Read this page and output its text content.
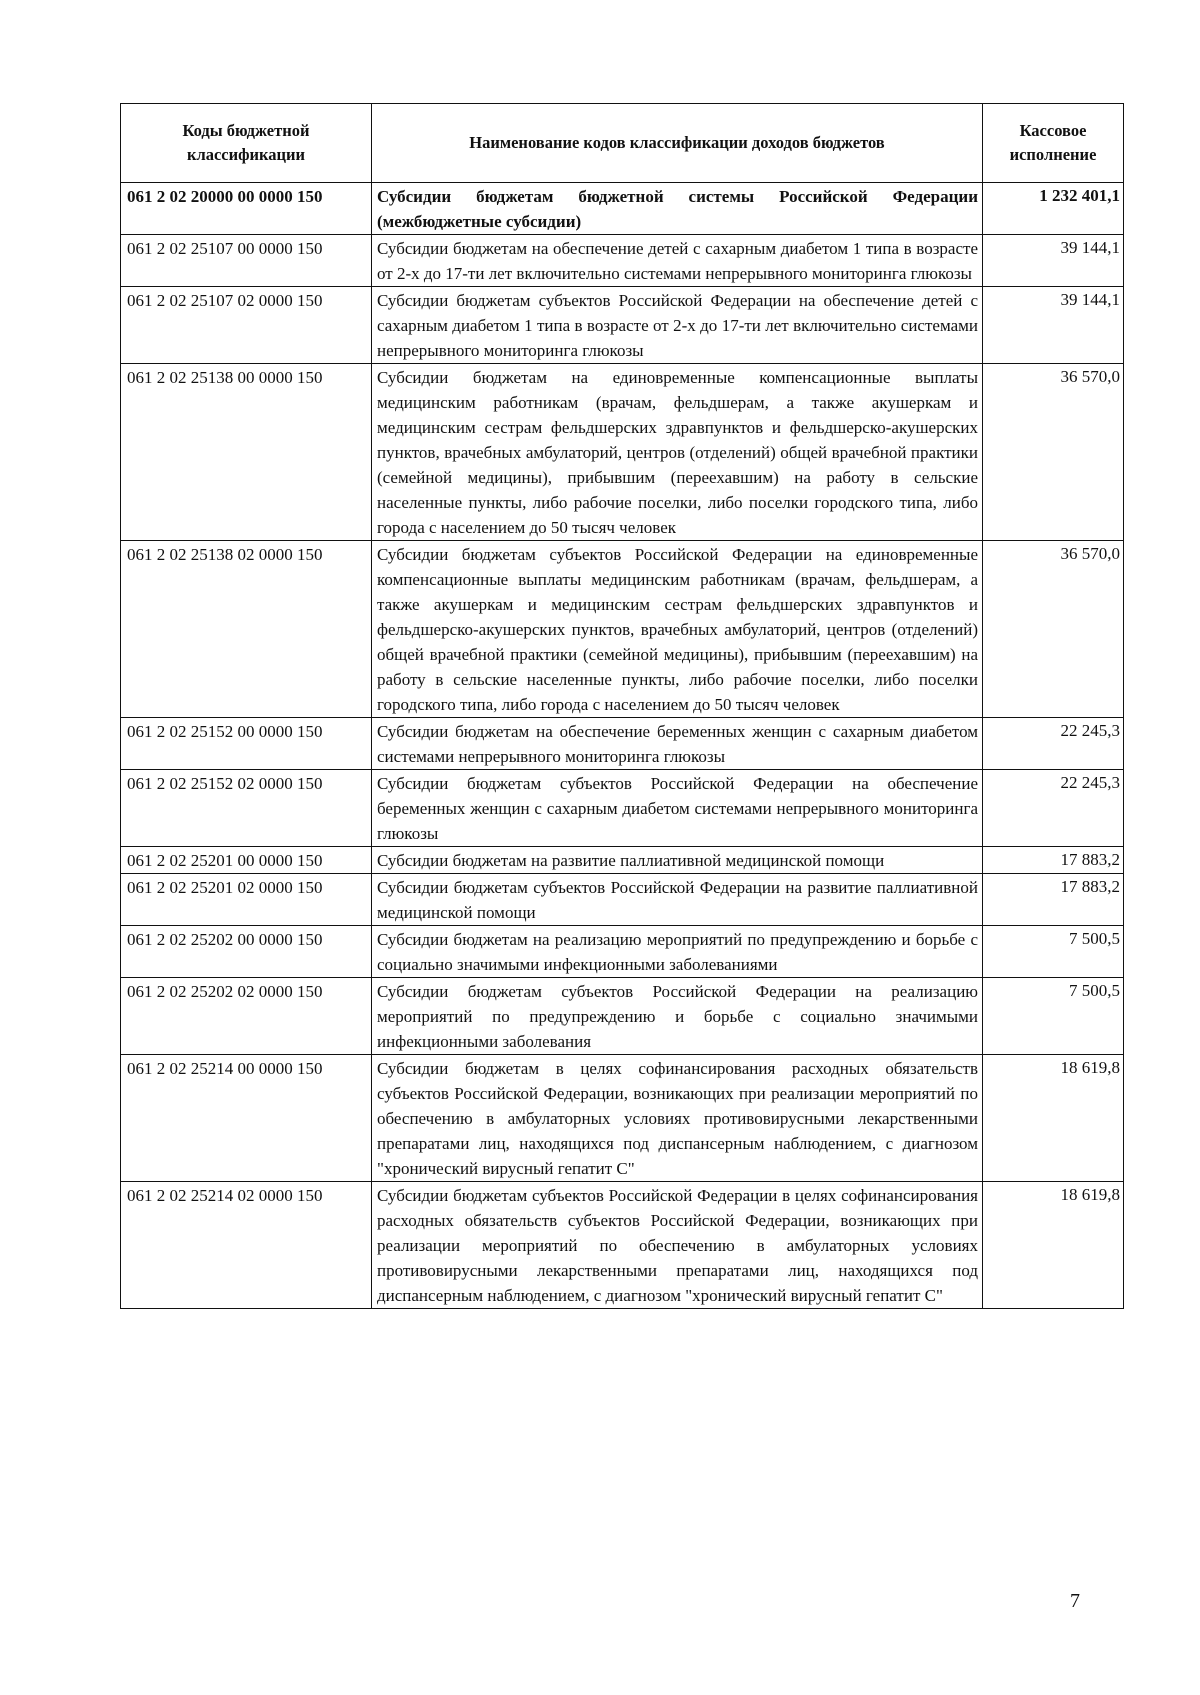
Коды бюджетной классификации	Наименование кодов классификации доходов бюджетов	Кассовое исполнение
061 2 02 20000 00 0000 150	Субсидии бюджетам бюджетной системы Российской Федерации (межбюджетные субсидии)	1 232 401,1
061 2 02 25107 00 0000 150	Субсидии бюджетам на обеспечение детей с сахарным диабетом 1 типа в возрасте от 2-х до 17-ти лет включительно системами непрерывного мониторинга глюкозы	39 144,1
061 2 02 25107 02 0000 150	Субсидии бюджетам субъектов Российской Федерации на обеспечение детей с сахарным диабетом 1 типа в возрасте от 2-х до 17-ти лет включительно системами непрерывного мониторинга глюкозы	39 144,1
061 2 02 25138 00 0000 150	Субсидии бюджетам на единовременные компенсационные выплаты медицинским работникам (врачам, фельдшерам, а также акушеркам и медицинским сестрам фельдшерских здравпунктов и фельдшерско-акушерских пунктов, врачебных амбулаторий, центров (отделений) общей врачебной практики (семейной медицины), прибывшим (переехавшим) на работу в сельские населенные пункты, либо рабочие поселки, либо поселки городского типа, либо города с населением до 50 тысяч человек	36 570,0
061 2 02 25138 02 0000 150	Субсидии бюджетам субъектов Российской Федерации на единовременные компенсационные выплаты медицинским работникам (врачам, фельдшерам, а также акушеркам и медицинским сестрам фельдшерских здравпунктов и фельдшерско-акушерских пунктов, врачебных амбулаторий, центров (отделений) общей врачебной практики (семейной медицины), прибывшим (переехавшим) на работу в сельские населенные пункты, либо рабочие поселки, либо поселки городского типа, либо города с населением до 50 тысяч человек	36 570,0
061 2 02 25152 00 0000 150	Субсидии бюджетам на обеспечение беременных женщин с сахарным диабетом системами непрерывного мониторинга глюкозы	22 245,3
061 2 02 25152 02 0000 150	Субсидии бюджетам субъектов Российской Федерации на обеспечение беременных женщин с сахарным диабетом системами непрерывного мониторинга глюкозы	22 245,3
061 2 02 25201 00 0000 150	Субсидии бюджетам на развитие паллиативной медицинской помощи	17 883,2
061 2 02 25201 02 0000 150	Субсидии бюджетам субъектов Российской Федерации на развитие паллиативной медицинской помощи	17 883,2
061 2 02 25202 00 0000 150	Субсидии бюджетам на реализацию мероприятий по предупреждению и борьбе с социально значимыми инфекционными заболеваниями	7 500,5
061 2 02 25202 02 0000 150	Субсидии бюджетам субъектов Российской Федерации на реализацию мероприятий по предупреждению и борьбе с социально значимыми инфекционными заболевания	7 500,5
061 2 02 25214 00 0000 150	Субсидии бюджетам в целях софинансирования расходных обязательств субъектов Российской Федерации, возникающих при реализации мероприятий по обеспечению в амбулаторных условиях противовирусными лекарственными препаратами лиц, находящихся под диспансерным наблюдением, с диагнозом "хронический вирусный гепатит С"	18 619,8
061 2 02 25214 02 0000 150	Субсидии бюджетам субъектов Российской Федерации в целях софинансирования расходных обязательств субъектов Российской Федерации, возникающих при реализации мероприятий по обеспечению в амбулаторных условиях противовирусными лекарственными препаратами лиц, находящихся под диспансерным наблюдением, с диагнозом "хронический вирусный гепатит С"	18 619,8
7
